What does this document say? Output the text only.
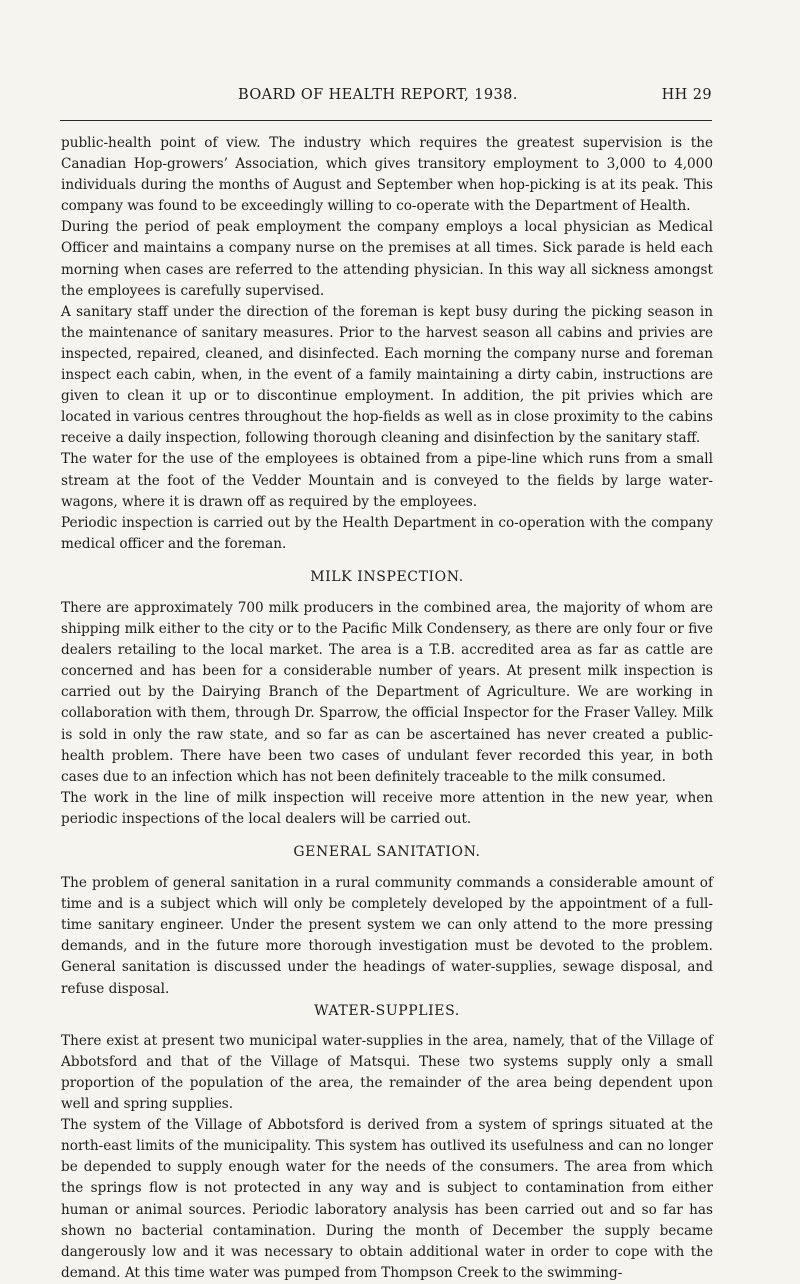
BOARD OF HEALTH REPORT, 1938.	HH 29

public-health point of view. The industry which requires the greatest supervision is the Canadian Hop-growers’ Association, which gives transitory employment to 3,000 to 4,000 individuals during the months of August and September when hop-picking is at its peak. This company was found to be exceedingly willing to co-operate with the Department of Health.

During the period of peak employment the company employs a local physician as Medical Officer and maintains a company nurse on the premises at all times. Sick parade is held each morning when cases are referred to the attending physician. In this way all sickness amongst the employees is carefully supervised.

A sanitary staff under the direction of the foreman is kept busy during the picking season in the maintenance of sanitary measures. Prior to the harvest season all cabins and privies are inspected, repaired, cleaned, and disinfected. Each morning the company nurse and foreman inspect each cabin, when, in the event of a family maintaining a dirty cabin, instructions are given to clean it up or to discontinue employment. In addition, the pit privies which are located in various centres throughout the hop-fields as well as in close proximity to the cabins receive a daily inspection, following thorough cleaning and disinfection by the sanitary staff.

The water for the use of the employees is obtained from a pipe-line which runs from a small stream at the foot of the Vedder Mountain and is conveyed to the fields by large water-wagons, where it is drawn off as required by the employees.

Periodic inspection is carried out by the Health Department in co-operation with the company medical officer and the foreman.

MILK INSPECTION.

There are approximately 700 milk producers in the combined area, the majority of whom are shipping milk either to the city or to the Pacific Milk Condensery, as there are only four or five dealers retailing to the local market. The area is a T.B. accredited area as far as cattle are concerned and has been for a considerable number of years. At present milk inspection is carried out by the Dairying Branch of the Department of Agriculture. We are working in collaboration with them, through Dr. Sparrow, the official Inspector for the Fraser Valley. Milk is sold in only the raw state, and so far as can be ascertained has never created a public-health problem. There have been two cases of undulant fever recorded this year, in both cases due to an infection which has not been definitely traceable to the milk consumed.

The work in the line of milk inspection will receive more attention in the new year, when periodic inspections of the local dealers will be carried out.

GENERAL SANITATION.

The problem of general sanitation in a rural community commands a considerable amount of time and is a subject which will only be completely developed by the appointment of a full-time sanitary engineer. Under the present system we can only attend to the more pressing demands, and in the future more thorough investigation must be devoted to the problem. General sanitation is discussed under the headings of water-supplies, sewage disposal, and refuse disposal.

WATER-SUPPLIES.

There exist at present two municipal water-supplies in the area, namely, that of the Village of Abbotsford and that of the Village of Matsqui. These two systems supply only a small proportion of the population of the area, the remainder of the area being dependent upon well and spring supplies.

The system of the Village of Abbotsford is derived from a system of springs situated at the north-east limits of the municipality. This system has outlived its usefulness and can no longer be depended to supply enough water for the needs of the consumers. The area from which the springs flow is not protected in any way and is subject to contamination from either human or animal sources. Periodic laboratory analysis has been carried out and so far has shown no bacterial contamination. During the month of December the supply became dangerously low and it was necessary to obtain additional water in order to cope with the demand. At this time water was pumped from Thompson Creek to the swimming-
